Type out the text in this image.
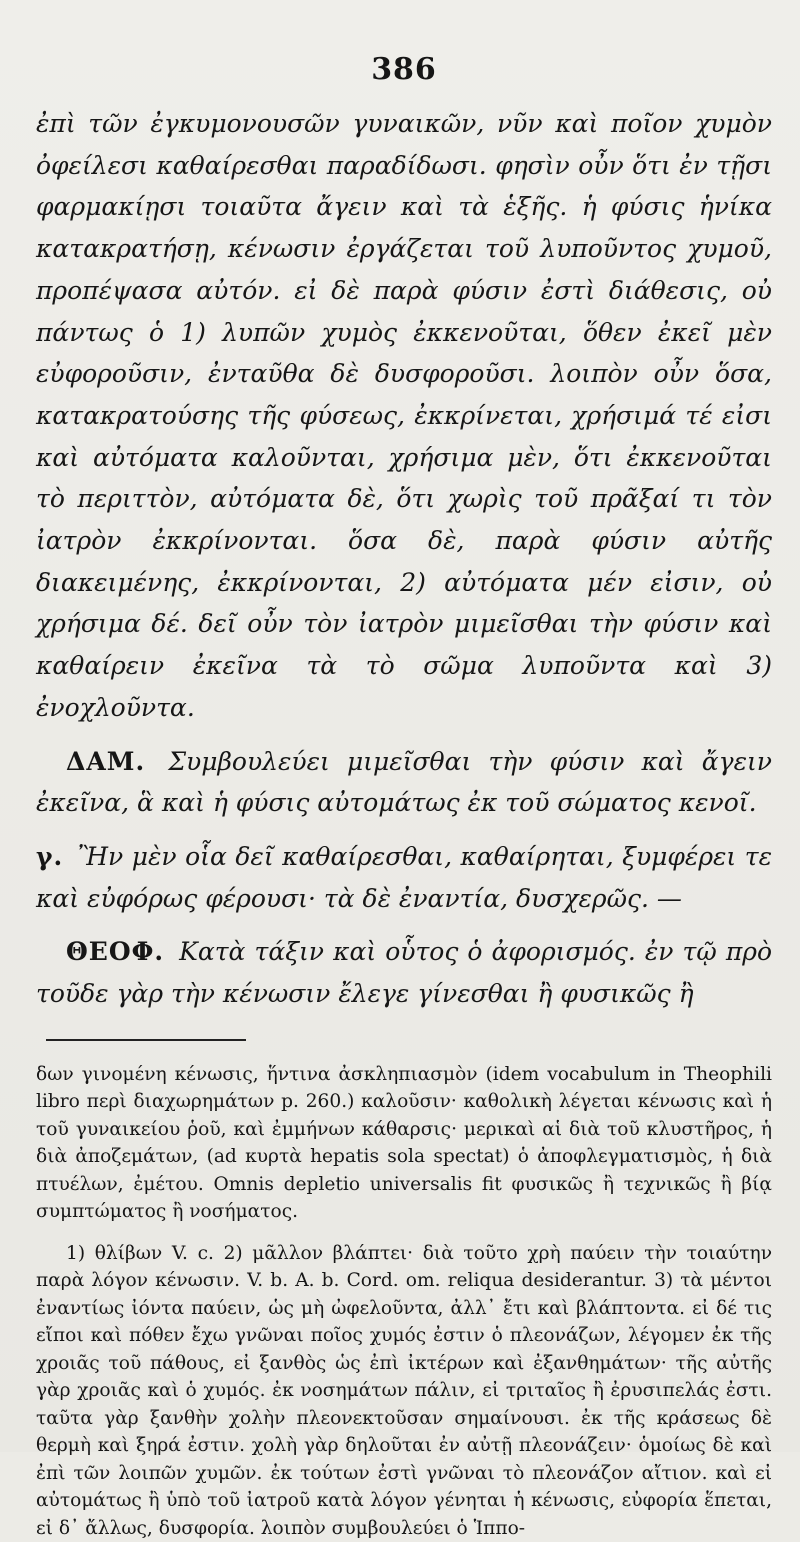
386

ἐπὶ τῶν ἐγκυμονουσῶν γυναικῶν, νῦν καὶ ποῖον χυμὸν ὀφείλεσι καθαίρεσθαι παραδίδωσι. φησὶν οὖν ὅτι ἐν τῇσι φαρμακίῃσι τοιαῦτα ἄγειν καὶ τὰ ἑξῆς. ἡ φύσις ἡνίκα κατακρατήσῃ, κένωσιν ἐργάζεται τοῦ λυποῦντος χυμοῦ, προπέψασα αὐτόν. εἰ δὲ παρὰ φύσιν ἐστὶ διάθεσις, οὐ πάντως ὁ 1) λυπῶν χυμὸς ἐκκενοῦται, ὅθεν ἐκεῖ μὲν εὐφοροῦσιν, ἐνταῦθα δὲ δυσφοροῦσι. λοιπὸν οὖν ὅσα, κατακρατούσης τῆς φύσεως, ἐκκρίνεται, χρήσιμά τέ εἰσι καὶ αὐτόματα καλοῦνται, χρήσιμα μὲν, ὅτι ἐκκενοῦται τὸ περιττὸν, αὐτόματα δὲ, ὅτι χωρὶς τοῦ πρᾶξαί τι τὸν ἰατρὸν ἐκκρίνονται. ὅσα δὲ, παρὰ φύσιν αὐτῆς διακειμένης, ἐκκρίνονται, 2) αὐτόματα μέν εἰσιν, οὐ χρήσιμα δέ. δεῖ οὖν τὸν ἰατρὸν μιμεῖσθαι τὴν φύσιν καὶ καθαίρειν ἐκεῖνα τὰ τὸ σῶμα λυποῦντα καὶ 3) ἐνοχλοῦντα.

ΔΑΜ. Συμβουλεύει μιμεῖσθαι τὴν φύσιν καὶ ἄγειν ἐκεῖνα, ἃ καὶ ἡ φύσις αὐτομάτως ἐκ τοῦ σώματος κενοῖ.

γ. Ἢν μὲν οἷα δεῖ καθαίρεσθαι, καθαίρηται, ξυμφέρει τε καὶ εὐφόρως φέρουσι· τὰ δὲ ἐναντία, δυσχερῶς. —

ΘΕΟΦ. Κατὰ τάξιν καὶ οὗτος ὁ ἀφορισμός. ἐν τῷ πρὸ τοῦδε γὰρ τὴν κένωσιν ἔλεγε γίνεσθαι ἢ φυσικῶς ἢ

δων γινομένη κένωσις, ἥντινα ἀσκληπιασμὸν (idem vocabulum in Theophili libro περὶ διαχωρημάτων p. 260.) καλοῦσιν· καθολικὴ λέγεται κένωσις καὶ ἡ τοῦ γυναικείου ῥοῦ, καὶ ἐμμήνων κάθαρσις· μερικαὶ αἱ διὰ τοῦ κλυστῆρος, ἡ διὰ ἀποζεμάτων, (ad κυρτὰ hepatis sola spectat) ὁ ἀποφλεγματισμὸς, ἡ διὰ πτυέλων, ἐμέτου. Omnis depletio universalis fit φυσικῶς ἢ τεχνικῶς ἢ βίᾳ συμπτώματος ἢ νοσήματος.

1) θλίβων V. c. 2) μᾶλλον βλάπτει· διὰ τοῦτο χρὴ παύειν τὴν τοιαύτην παρὰ λόγον κένωσιν. V. b. A. b. Cord. om. reliqua desiderantur. 3) τὰ μέντοι ἐναντίως ἰόντα παύειν, ὡς μὴ ὠφελοῦντα, ἀλλ᾽ ἔτι καὶ βλάπτοντα. εἰ δέ τις εἴποι καὶ πόθεν ἔχω γνῶναι ποῖος χυμός ἐστιν ὁ πλεονάζων, λέγομεν ἐκ τῆς χροιᾶς τοῦ πάθους, εἰ ξανθὸς ὡς ἐπὶ ἰκτέρων καὶ ἐξανθημάτων· τῆς αὐτῆς γὰρ χροιᾶς καὶ ὁ χυμός. ἐκ νοσημάτων πάλιν, εἰ τριταῖος ἢ ἐρυσιπελάς ἐστι. ταῦτα γὰρ ξανθὴν χολὴν πλεονεκτοῦσαν σημαίνουσι. ἐκ τῆς κράσεως δὲ θερμὴ καὶ ξηρά ἐστιν. χολὴ γὰρ δηλοῦται ἐν αὐτῇ πλεονάζειν· ὁμοίως δὲ καὶ ἐπὶ τῶν λοιπῶν χυμῶν. ἐκ τούτων ἐστὶ γνῶναι τὸ πλεονάζον αἴτιον. καὶ εἰ αὐτομάτως ἢ ὑπὸ τοῦ ἰατροῦ κατὰ λόγον γένηται ἡ κένωσις, εὐφορία ἕπεται, εἰ δ᾽ ἄλλως, δυσφορία. λοιπὸν συμβουλεύει ὁ Ἱππο-
